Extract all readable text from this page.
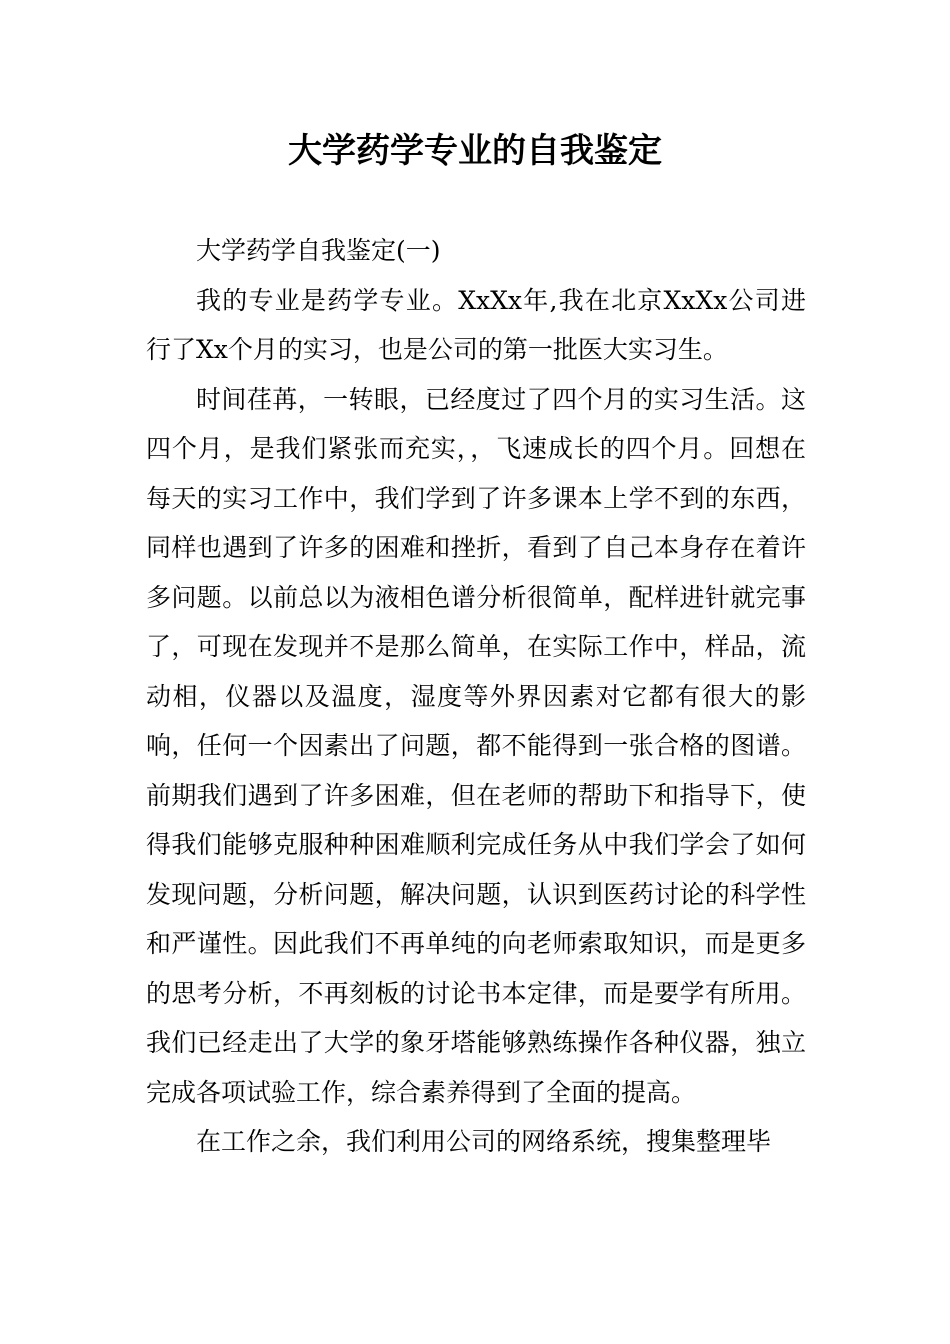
大学药学专业的自我鉴定

大学药学自我鉴定(一)

我的专业是药学专业。XxXx年,我在北京XxXx公司进行了Xx个月的实习，也是公司的第一批医大实习生。

时间荏苒，一转眼，已经度过了四个月的实习生活。这四个月，是我们紧张而充实，，飞速成长的四个月。回想在每天的实习工作中，我们学到了许多课本上学不到的东西，同样也遇到了许多的困难和挫折，看到了自己本身存在着许多问题。以前总以为液相色谱分析很简单，配样进针就完事了，可现在发现并不是那么简单，在实际工作中，样品，流动相，仪器以及温度，湿度等外界因素对它都有很大的影响，任何一个因素出了问题，都不能得到一张合格的图谱。前期我们遇到了许多困难，但在老师的帮助下和指导下，使得我们能够克服种种困难顺利完成任务从中我们学会了如何发现问题，分析问题，解决问题，认识到医药讨论的科学性和严谨性。因此我们不再单纯的向老师索取知识，而是更多的思考分析，不再刻板的讨论书本定律，而是要学有所用。我们已经走出了大学的象牙塔能够熟练操作各种仪器，独立完成各项试验工作，综合素养得到了全面的提高。

在工作之余，我们利用公司的网络系统，搜集整理毕
